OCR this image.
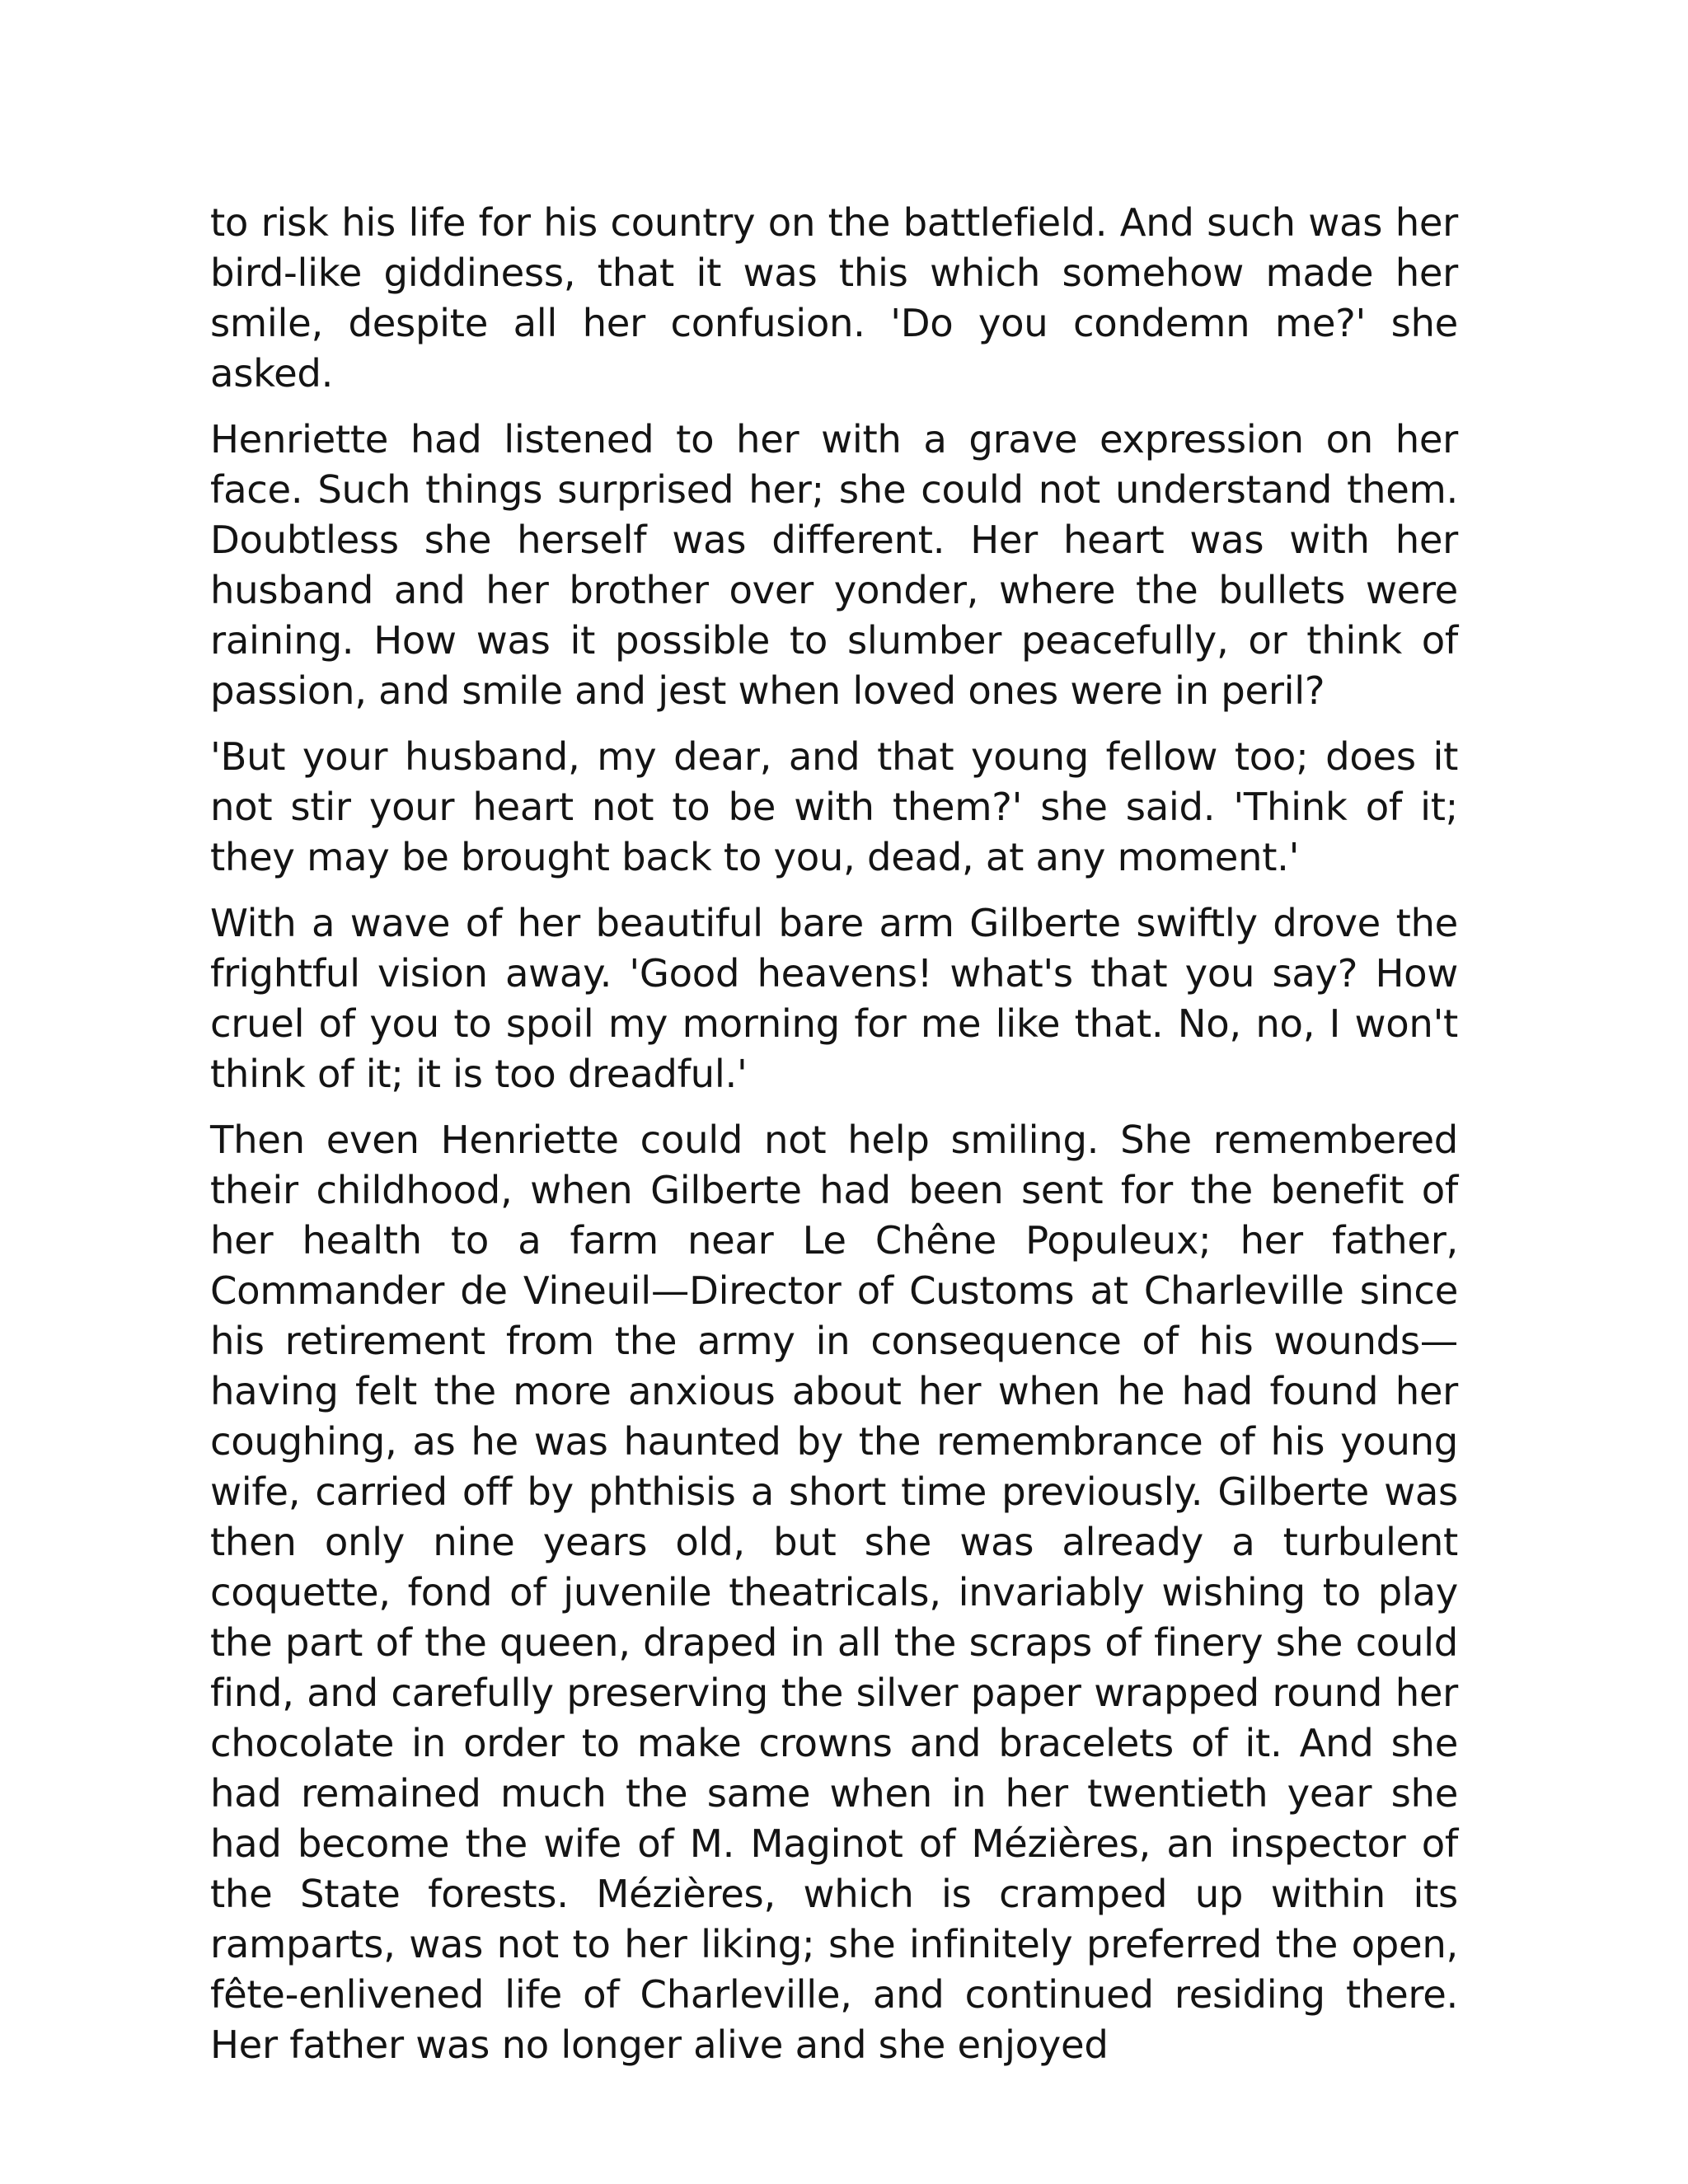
to risk his life for his country on the battlefield. And such was her bird-like giddiness, that it was this which somehow made her smile, despite all her confusion. 'Do you condemn me?' she asked.

Henriette had listened to her with a grave expression on her face. Such things surprised her; she could not understand them. Doubtless she herself was different. Her heart was with her husband and her brother over yonder, where the bullets were raining. How was it possible to slumber peacefully, or think of passion, and smile and jest when loved ones were in peril?

'But your husband, my dear, and that young fellow too; does it not stir your heart not to be with them?' she said. 'Think of it; they may be brought back to you, dead, at any moment.'

With a wave of her beautiful bare arm Gilberte swiftly drove the frightful vision away. 'Good heavens! what's that you say? How cruel of you to spoil my morning for me like that. No, no, I won't think of it; it is too dreadful.'

Then even Henriette could not help smiling. She remembered their childhood, when Gilberte had been sent for the benefit of her health to a farm near Le Chêne Populeux; her father, Commander de Vineuil—Director of Customs at Charleville since his retirement from the army in consequence of his wounds—having felt the more anxious about her when he had found her coughing, as he was haunted by the remembrance of his young wife, carried off by phthisis a short time previously. Gilberte was then only nine years old, but she was already a turbulent coquette, fond of juvenile theatricals, invariably wishing to play the part of the queen, draped in all the scraps of finery she could find, and carefully preserving the silver paper wrapped round her chocolate in order to make crowns and bracelets of it. And she had remained much the same when in her twentieth year she had become the wife of M. Maginot of Mézières, an inspector of the State forests. Mézières, which is cramped up within its ramparts, was not to her liking; she infinitely preferred the open, fête-enlivened life of Charleville, and continued residing there. Her father was no longer alive and she enjoyed
